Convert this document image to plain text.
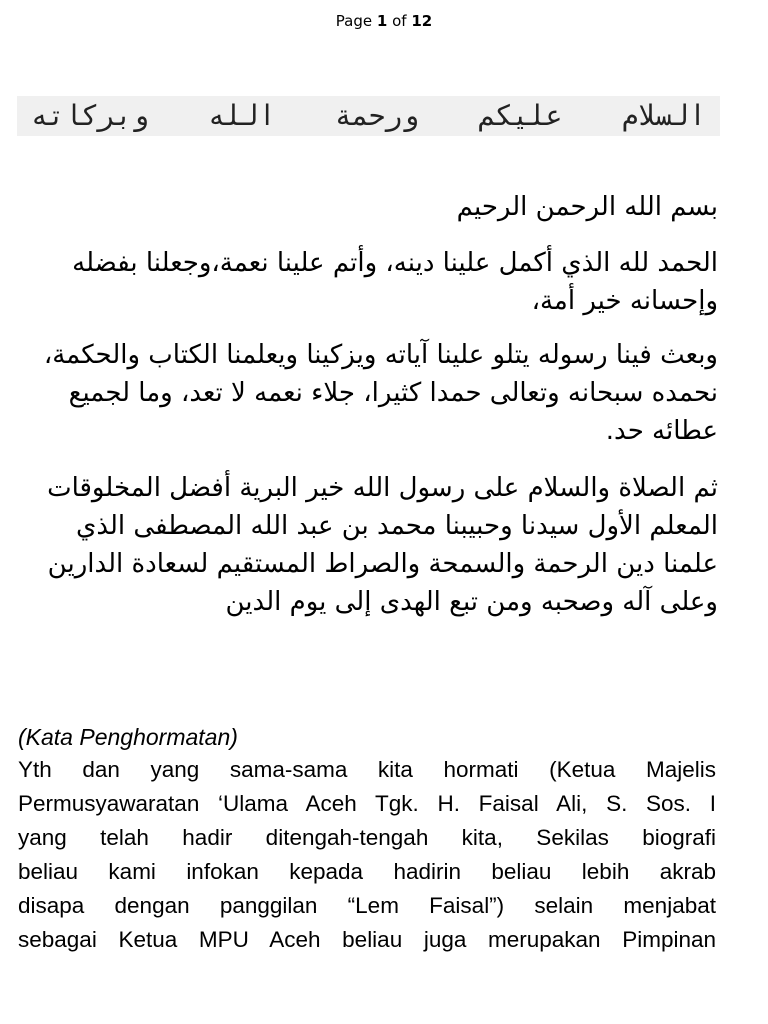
Page 1 of 12
السلام عليكم ورحمة الله وبركاته

بسم الله الرحمن الرحيم

الحمد لله الذي أكمل علينا دينه، وأتم علينا نعمة،وجعلنا بفضله وإحسانه خير أمة،

وبعث فينا رسوله يتلو علينا آياته ويزكينا ويعلمنا الكتاب والحكمة، نحمده سبحانه وتعالى حمدا كثيرا، جلاء نعمه لا تعد، وما لجميع عطائه حد.

ثم الصلاة والسلام على رسول الله خير البرية أفضل المخلوقات المعلم الأول سيدنا وحبيبنا محمد بن عبد الله المصطفى الذي علمنا دين الرحمة والسمحة والصراط المستقيم لسعادة الدارين وعلى آله وصحبه ومن تبع الهدى إلى يوم الدين

(Kata Penghormatan)
Yth dan yang sama-sama kita hormati (Ketua Majelis
Permusyawaratan ‘Ulama Aceh Tgk. H. Faisal Ali, S. Sos. I
yang telah hadir ditengah-tengah kita, Sekilas biografi
beliau kami infokan kepada hadirin beliau lebih akrab
disapa dengan panggilan “Lem Faisal”) selain menjabat
sebagai Ketua MPU Aceh beliau juga merupakan Pimpinan
